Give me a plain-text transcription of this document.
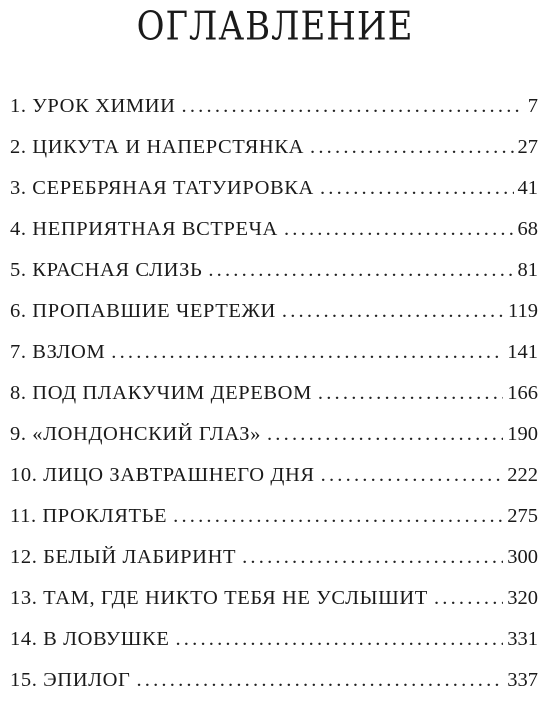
ОГЛАВЛЕНИЕ
1. УРОК ХИМИИ .....	7
2. ЦИКУТА И НАПЕРСТЯНКА .....	27
3. СЕРЕБРЯНАЯ ТАТУИРОВКА .....	41
4. НЕПРИЯТНАЯ ВСТРЕЧА .....	68
5. КРАСНАЯ СЛИЗЬ .....	81
6. ПРОПАВШИЕ ЧЕРТЕЖИ .....	119
7. ВЗЛОМ .....	141
8. ПОД ПЛАКУЧИМ ДЕРЕВОМ .....	166
9. «ЛОНДОНСКИЙ ГЛАЗ» .....	190
10. ЛИЦО ЗАВТРАШНЕГО ДНЯ .....	222
11. ПРОКЛЯТЬЕ .....	275
12. БЕЛЫЙ ЛАБИРИНТ .....	300
13. ТАМ, ГДЕ НИКТО ТЕБЯ НЕ УСЛЫШИТ .....	320
14. В ЛОВУШКЕ .....	331
15. ЭПИЛОГ .....	337
